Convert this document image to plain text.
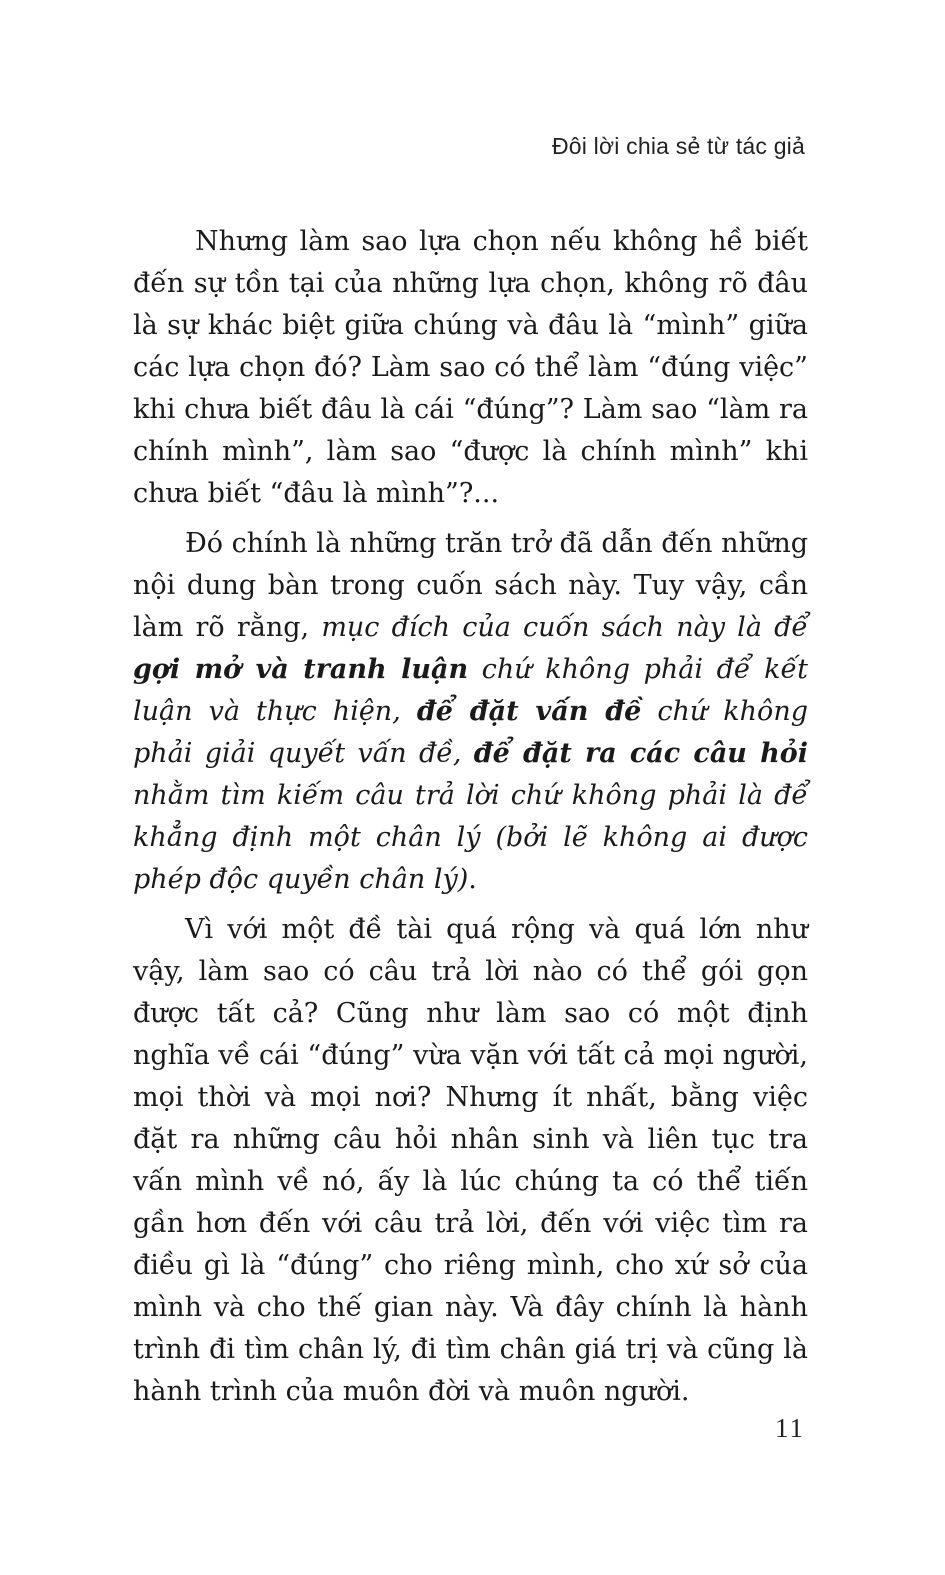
Đôi lời chia sẻ từ tác giả

Nhưng làm sao lựa chọn nếu không hề biết đến sự tồn tại của những lựa chọn, không rõ đâu là sự khác biệt giữa chúng và đâu là “mình” giữa các lựa chọn đó? Làm sao có thể làm “đúng việc” khi chưa biết đâu là cái “đúng”? Làm sao “làm ra chính mình”, làm sao “được là chính mình” khi chưa biết “đâu là mình”?...

Đó chính là những trăn trở đã dẫn đến những nội dung bàn trong cuốn sách này. Tuy vậy, cần làm rõ rằng, mục đích của cuốn sách này là để gợi mở và tranh luận chứ không phải để kết luận và thực hiện, để đặt vấn đề chứ không phải giải quyết vấn đề, để đặt ra các câu hỏi nhằm tìm kiếm câu trả lời chứ không phải là để khẳng định một chân lý (bởi lẽ không ai được phép độc quyền chân lý).

Vì với một đề tài quá rộng và quá lớn như vậy, làm sao có câu trả lời nào có thể gói gọn được tất cả? Cũng như làm sao có một định nghĩa về cái “đúng” vừa vặn với tất cả mọi người, mọi thời và mọi nơi? Nhưng ít nhất, bằng việc đặt ra những câu hỏi nhân sinh và liên tục tra vấn mình về nó, ấy là lúc chúng ta có thể tiến gần hơn đến với câu trả lời, đến với việc tìm ra điều gì là “đúng” cho riêng mình, cho xứ sở của mình và cho thế gian này. Và đây chính là hành trình đi tìm chân lý, đi tìm chân giá trị và cũng là hành trình của muôn đời và muôn người.

11
